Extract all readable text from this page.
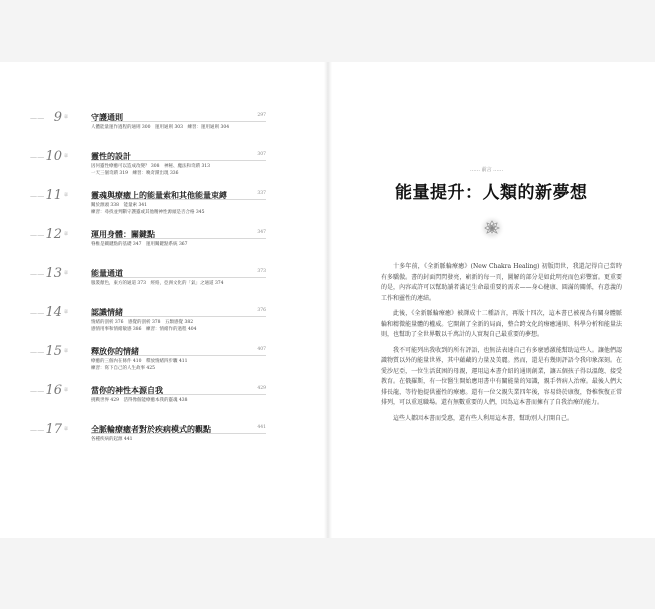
— — 9 章	守護通則	297
人體能量運作過程的通則 300　運用通則 303　練習：運用通則 304
— — 10 章	靈性的設計	307
因何靈性療癒可以造成改變？ 308　神秘、魔法和奇蹟 313
一天三個奇蹟 319　練習：喚奇蹟出現 336
— — 11 章	靈魂與療癒上的能量索和其他能量束縛	337
關於源頭 338　能量索 341
練習：尋找並判斷守護靈或其他精神性源頭是否合格 345
— — 12 章	運用身體：關鍵點	347
脊椎是關鍵點的基礎 347　運用關鍵點系統 367
— — 13 章	能量通道	373
服裝顏色，東方的通道 373　經絡，亞洲文化的「氣」之通道 374
— — 14 章	認識情緒	376
情緒的剖析 376　感覺的剖析 378　五類感覺 382
感情用事和情緒敏感 386　練習：情緒作的過程 404
— — 15 章	釋放你的情緒	407
療癒的三個內在條件 410　釋放情緒四步驟 411
練習：寫下自己的人生故事 425
— — 16 章	當你的神性本源自我	429
挑戰世界 429　活得像個能療癒本我的靈魂 438
— — 17 章	全脈輪療癒者對於疾病模式的觀點	441
各種疾病的起源 441
…… 前言 ……
能量提升：人類的新夢想

十多年前，《全新脈輪療癒》(New Chakra Healing) 初版問世，我還記得自己當時有多驕傲。書的封面閃閃發亮，嶄新的每一頁，圖解的部分是如此明亮而色彩豐富。更重要的是，內容或許可以幫助讀者滿足生命最重要的需求——身心健康、圓滿的關係，有意義的工作和靈性的連結。

此後，《全新脈輪療癒》被譯成十二種語言，再版十四次，這本書已被視為有關身體脈輪和精微能量體的權威。它開創了全新的局面，整合跨文化的療癒通則、科學分析和能量法則，也幫助了全世界數以千萬計的人實現自己最重要的夢想。

我不可能列出我收到的所有評語，也無法表達自己有多麼感激能幫助這些人。讓他們認識物質以外的能量世界，其中蘊藏的力量及美麗。然而，還是有幾則評語令我印象深刻。在愛沙尼亞，一位生活貧困的母親，運用這本書介紹的通則創業，讓五個孩子得以溫飽、接受教育。在俄羅斯，有一位醫生開始應用書中有關能量的知識，親手替病人治療。最後人們大排長龍，等待他提供靈性的療癒。還有一位父親失業四年後，容易終於康復，脊椎恢復正常排列，可以重返職場。還有無數重要的人們，因為這本書而擁有了自我治療的能力。

這些人都因本書而受惠，還有些人利用這本書，幫助別人打開自己。
